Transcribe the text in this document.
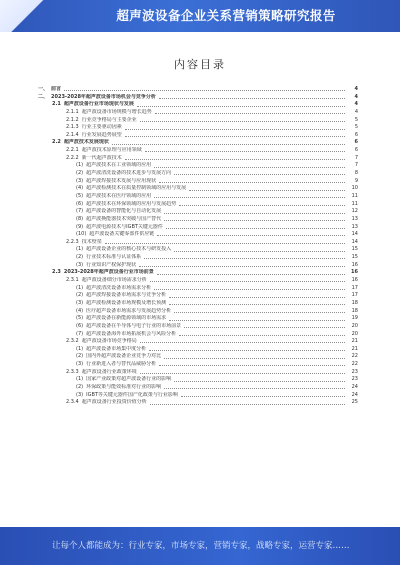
超声波设备企业关系营销策略研究报告
内容目录
一、 前言	4
二、 2023-2028年超声波设备市场机会与竞争分析	4
2.1 超声波设备行业市场现状与发展	4
2.1.1 超声波设备市场规模与增长趋势	4
2.1.2 行业竞争格局与主要企业	5
2.1.3 行业主要驱动因素	5
2.1.4 行业发展趋势展望	6
2.2 超声波技术发展现状	6
2.2.1 超声波技术原理与应用领域	6
2.2.2 新一代超声波技术	7
(1) 超声波技术在工业领域的应用	7
(2) 超声波清洗设备的技术进步与发展方向	8
(3) 超声波焊接技术发展与应用现状	9
(4) 超声波检测技术在质量控制领域的应用与发展	10
(5) 超声波技术在医疗领域的应用	11
(6) 超声波技术在环保领域的应用与发展趋势	11
(7) 超声波设备的智能化与自动化发展	12
(8) 超声波换能器技术突破与国产替代	13
(9) 超声波电源技术与IGBT关键元器件	13
(10) 超声波设备关键零部件供应链	14
2.2.3 技术壁垒	14
(1) 超声波设备企业的核心技术与研发投入	15
(2) 行业技术标准与认证体系	15
(3) 行业知识产权保护现状	16
2.3 2023-2028年超声波设备行业市场前景	16
2.3.1 超声波设备细分市场需求分析	16
(1) 超声波清洗设备市场需求分析	17
(2) 超声波焊接设备市场需求与竞争分析	17
(3) 超声波检测设备市场规模及增长预测	18
(4) 医疗超声设备市场需求与发展趋势分析	18
(5) 超声波设备在新能源领域的市场需求	19
(6) 超声波设备在半导体与电子行业的市场前景	20
(7) 超声波设备海外市场拓展机会与风险分析	20
2.3.2 超声波设备市场竞争格局	21
(1) 超声波设备市场集中度分析	21
(2) 国内外超声波设备企业竞争力对比	22
(3) 行业新进入者与替代品威胁分析	22
2.3.3 超声波设备行业政策环境	23
(1) 国家产业政策对超声波设备行业的影响	23
(2) 环保政策与能效标准对行业的影响	24
(3) IGBT等关键元器件国产化政策与行业影响	24
2.3.4 超声波设备行业投资价值分析	25
让每个人都能成为：行业专家，市场专家，营销专家，战略专家，运营专家……
